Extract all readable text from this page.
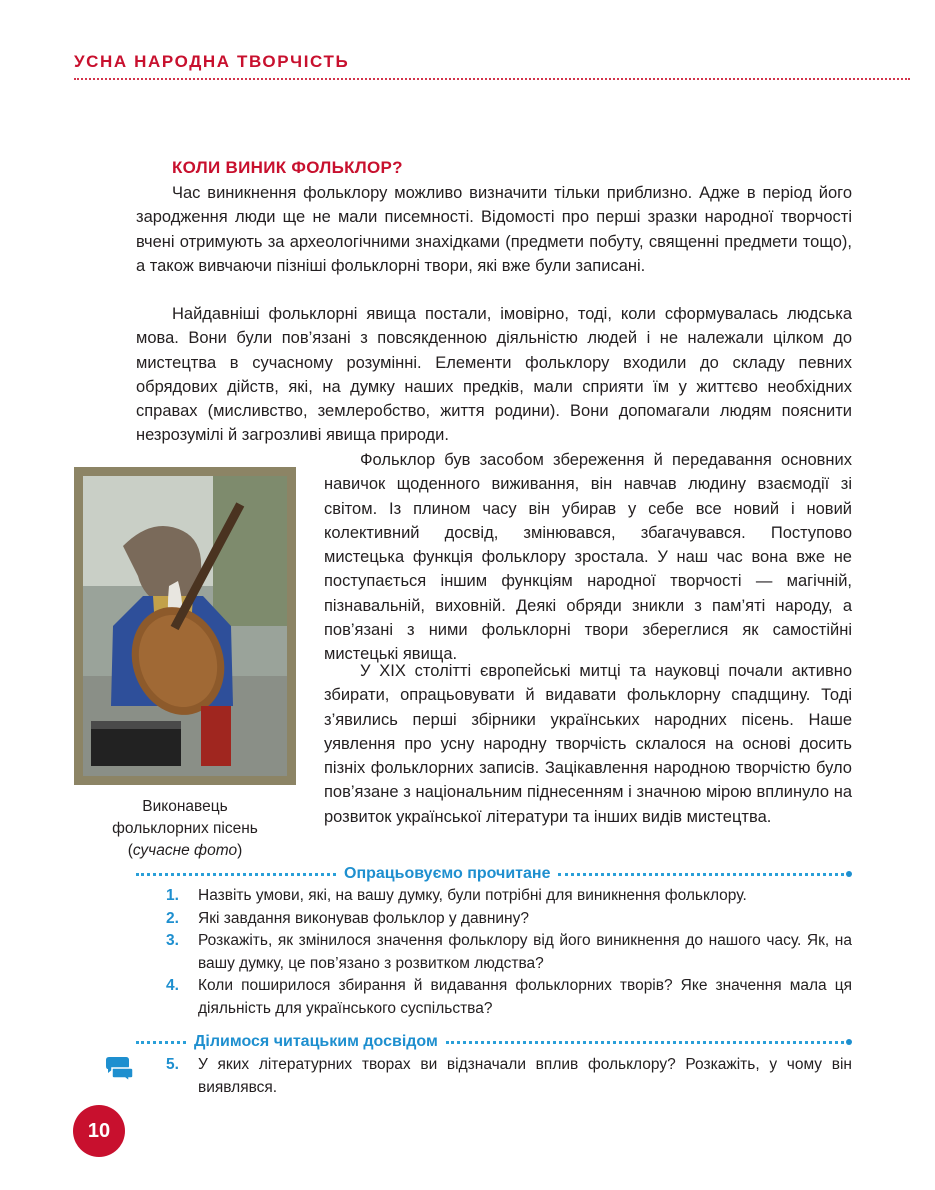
УСНА НАРОДНА ТВОРЧІСТЬ
КОЛИ ВИНИК ФОЛЬКЛОР?

Час виникнення фольклору можливо визначити тільки приблизно. Адже в період його зародження люди ще не мали писемності. Відомості про перші зразки народної творчості вчені отримують за археологічними знахідками (предмети побуту, священні предмети тощо), а також вивчаючи пізніші фольклорні твори, які вже були записані.

Найдавніші фольклорні явища постали, імовірно, тоді, коли сформувалась людська мова. Вони були пов’язані з повсякденною діяльністю людей і не належали цілком до мистецтва в сучасному розумінні. Елементи фольклору входили до складу певних обрядових дійств, які, на думку наших предків, мали сприяти їм у життєво необхідних справах (мисливство, землеробство, життя родини). Вони допомагали людям пояснити незрозумілі й загрозливі явища природи.

Виконавець
фольклорних пісень
(сучасне фото)

Фольклор був засобом збереження й передавання основних навичок щоденного виживання, він навчав людину взаємодії зі світом. Із плином часу він убирав у себе все новий і новий колективний досвід, змінювався, збагачувався. Поступово мистецька функція фольклору зростала. У наш час вона вже не поступається іншим функціям народної творчості — магічній, пізнавальній, виховній. Деякі обряди зникли з пам’яті народу, а пов’язані з ними фольклорні твори збереглися як самостійні мистецькі явища.

У XIX столітті європейські митці та науковці почали активно збирати, опрацьовувати й видавати фольклорну спадщину. Тоді з’явились перші збірники українських народних пісень. Наше уявлення про усну народну творчість склалося на основі досить пізніх фольклорних записів. Зацікавлення народною творчістю було пов’язане з національним піднесенням і значною мірою вплинуло на розвиток української літератури та інших видів мистецтва.

Опрацьовуємо прочитане
1.	Назвіть умови, які, на вашу думку, були потрібні для виникнення фольклору.
2.	Які завдання виконував фольклор у давнину?
3.	Розкажіть, як змінилося значення фольклору від його виникнення до нашого часу. Як, на вашу думку, це пов’язано з розвитком людства?
4.	Коли поширилося збирання й видавання фольклорних творів? Яке значення мала ця діяльність для українського суспільства?
Ділимося читацьким досвідом
5.	У яких літературних творах ви відзначали вплив фольклору? Розкажіть, у чому він виявлявся.
10
